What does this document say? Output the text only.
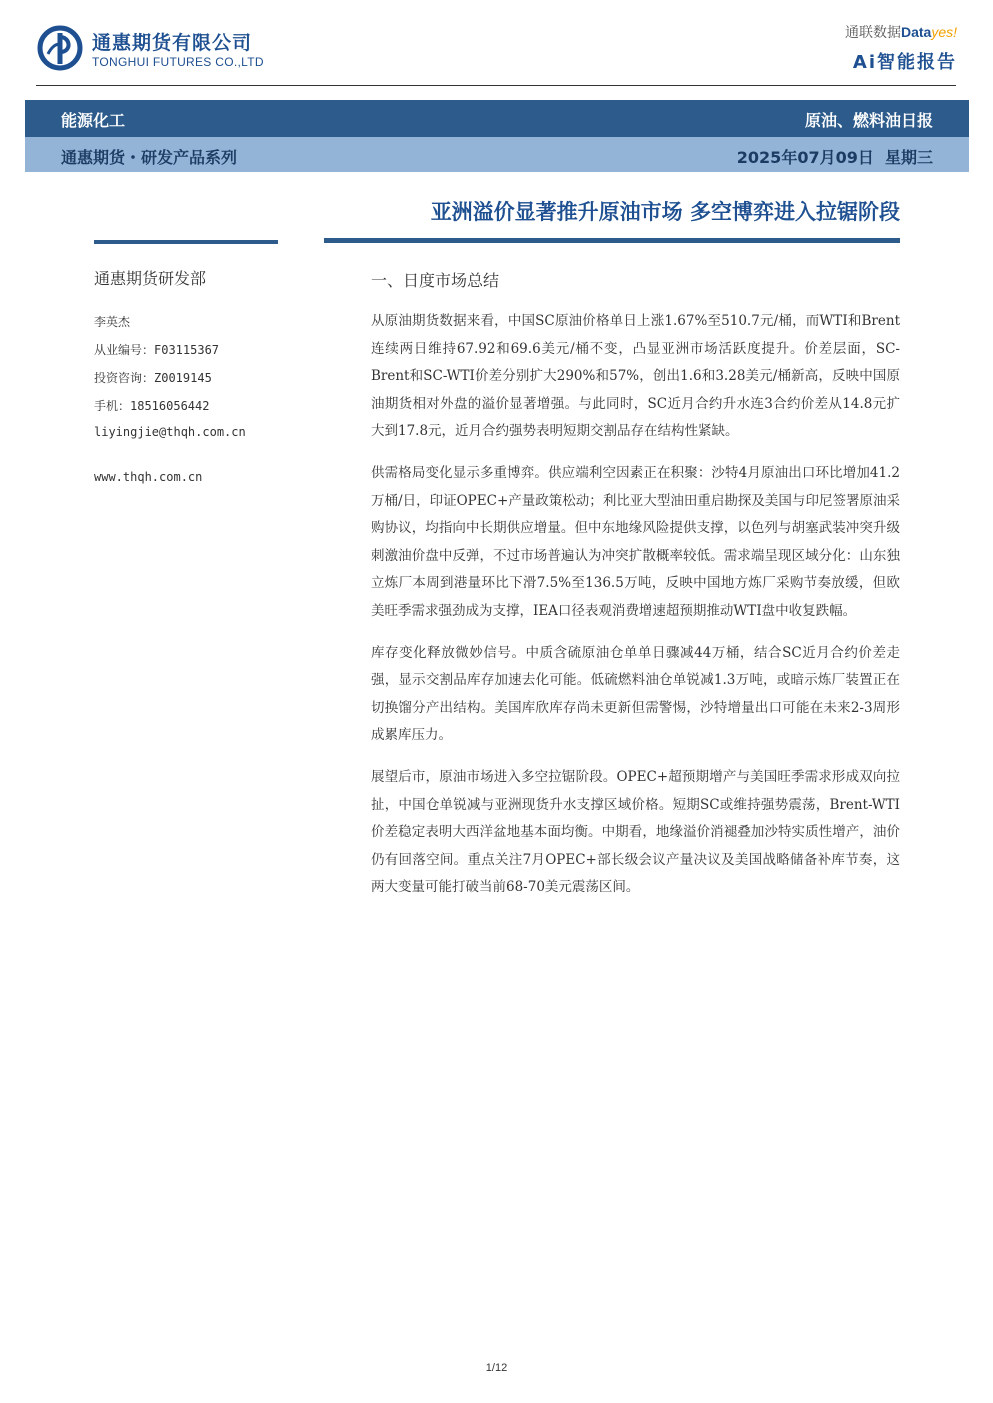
通惠期货有限公司
TONGHUI FUTURES CO.,LTD
通联数据Datayes!
Ai智能报告
能源化工	原油、燃料油日报
通惠期货・研发产品系列	2025年07月09日  星期三
亚洲溢价显著推升原油市场 多空博弈进入拉锯阶段
通惠期货研发部
李英杰
从业编号：F03115367
投资咨询：Z0019145
手机：18516056442
liyingjie@thqh.com.cn
www.thqh.com.cn
一、日度市场总结

从原油期货数据来看，中国SC原油价格单日上涨1.67%至510.7元/桶，而WTI和Brent连续两日维持67.92和69.6美元/桶不变，凸显亚洲市场活跃度提升。价差层面，SC-Brent和SC-WTI价差分别扩大290%和57%，创出1.6和3.28美元/桶新高，反映中国原油期货相对外盘的溢价显著增强。与此同时，SC近月合约升水连3合约价差从14.8元扩大到17.8元，近月合约强势表明短期交割品存在结构性紧缺。

供需格局变化显示多重博弈。供应端利空因素正在积聚：沙特4月原油出口环比增加41.2万桶/日，印证OPEC+产量政策松动；利比亚大型油田重启勘探及美国与印尼签署原油采购协议，均指向中长期供应增量。但中东地缘风险提供支撑，以色列与胡塞武装冲突升级刺激油价盘中反弹，不过市场普遍认为冲突扩散概率较低。需求端呈现区域分化：山东独立炼厂本周到港量环比下滑7.5%至136.5万吨，反映中国地方炼厂采购节奏放缓，但欧美旺季需求强劲成为支撑，IEA口径表观消费增速超预期推动WTI盘中收复跌幅。

库存变化释放微妙信号。中质含硫原油仓单单日骤减44万桶，结合SC近月合约价差走强，显示交割品库存加速去化可能。低硫燃料油仓单锐减1.3万吨，或暗示炼厂装置正在切换馏分产出结构。美国库欣库存尚未更新但需警惕，沙特增量出口可能在未来2-3周形成累库压力。

展望后市，原油市场进入多空拉锯阶段。OPEC+超预期增产与美国旺季需求形成双向拉扯，中国仓单锐减与亚洲现货升水支撑区域价格。短期SC或维持强势震荡，Brent-WTI价差稳定表明大西洋盆地基本面均衡。中期看，地缘溢价消褪叠加沙特实质性增产，油价仍有回落空间。重点关注7月OPEC+部长级会议产量决议及美国战略储备补库节奏，这两大变量可能打破当前68-70美元震荡区间。

1/12
